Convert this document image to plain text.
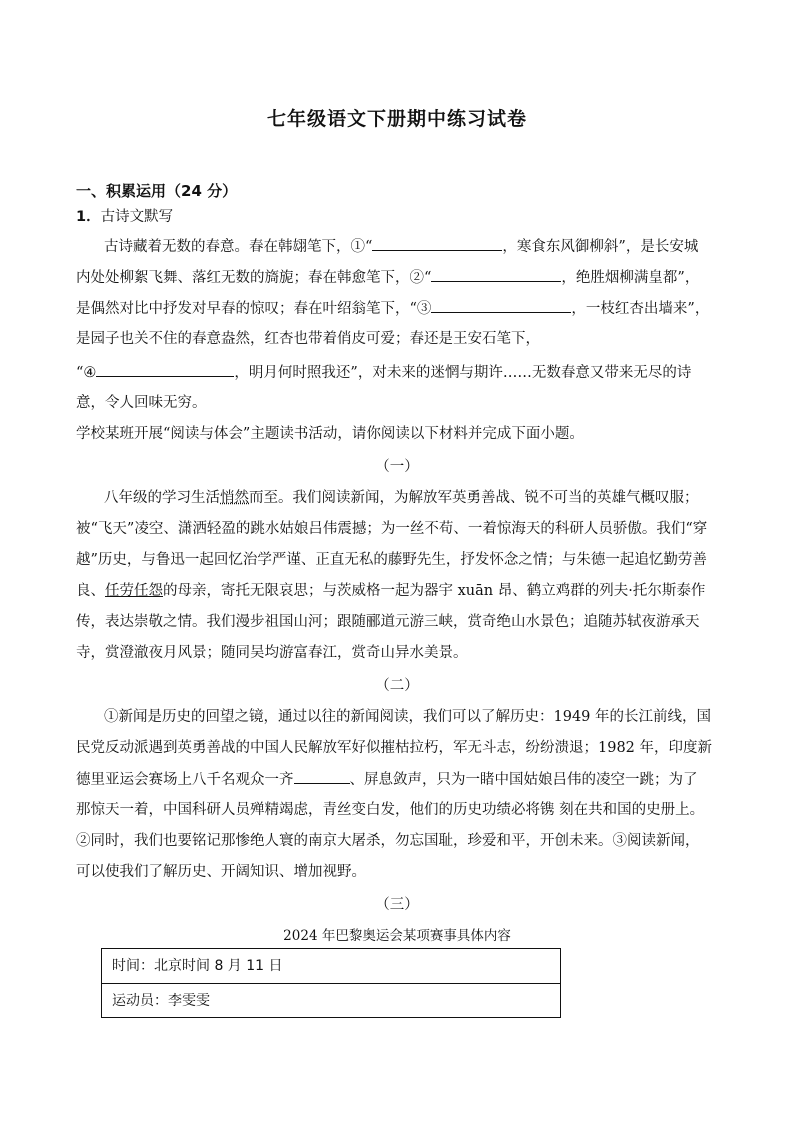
七年级语文下册期中练习试卷
一、积累运用（24 分）
1．古诗文默写
古诗藏着无数的春意。春在韩翃笔下，①“	，寒食东风御柳斜”，是长安城
内处处柳絮飞舞、落红无数的旖旎；春在韩愈笔下，②“	，绝胜烟柳满皇都”，
是偶然对比中抒发对早春的惊叹；春在叶绍翁笔下，“③	，一枝红杏出墙来”，
是园子也关不住的春意盎然，红杏也带着俏皮可爱；春还是王安石笔下，
“④	，明月何时照我还”，对未来的迷惘与期许……无数春意又带来无尽的诗
意，令人回味无穷。
学校某班开展“阅读与体会”主题读书活动，请你阅读以下材料并完成下面小题。
（一）
八年级的学习生活悄然而至。我们阅读新闻，为解放军英勇善战、锐不可当的英雄气概叹服；
被“飞天”凌空、潇洒轻盈的跳水姑娘吕伟震撼；为一丝不苟、一着惊海天的科研人员骄傲。我们“穿
越”历史，与鲁迅一起回忆治学严谨、正直无私的藤野先生，抒发怀念之情；与朱德一起追忆勤劳善
良、任劳任怨的母亲，寄托无限哀思；与茨威格一起为器宇 xuān 昂、鹤立鸡群的列夫·托尔斯泰作
传，表达崇敬之情。我们漫步祖国山河；跟随郦道元游三峡，赏奇绝山水景色；追随苏轼夜游承天
寺，赏澄澈夜月风景；随同吴均游富春江，赏奇山异水美景。
（二）
①新闻是历史的回望之镜，通过以往的新闻阅读，我们可以了解历史：1949 年的长江前线，国
民党反动派遇到英勇善战的中国人民解放军好似摧枯拉朽，军无斗志，纷纷溃退；1982 年，印度新
德里亚运会赛场上八千名观众一齐	、屏息敛声，只为一睹中国姑娘吕伟的凌空一跳；为了
那惊天一着，中国科研人员殚精竭虑，青丝变白发，他们的历史功绩必将镌 刻在共和国的史册上。
②同时，我们也要铭记那惨绝人寰的南京大屠杀，勿忘国耻，珍爱和平，开创未来。③阅读新闻，
可以使我们了解历史、开阔知识、增加视野。
（三）
2024 年巴黎奥运会某项赛事具体内容
时间：北京时间 8 月 11 日
运动员：李雯雯
